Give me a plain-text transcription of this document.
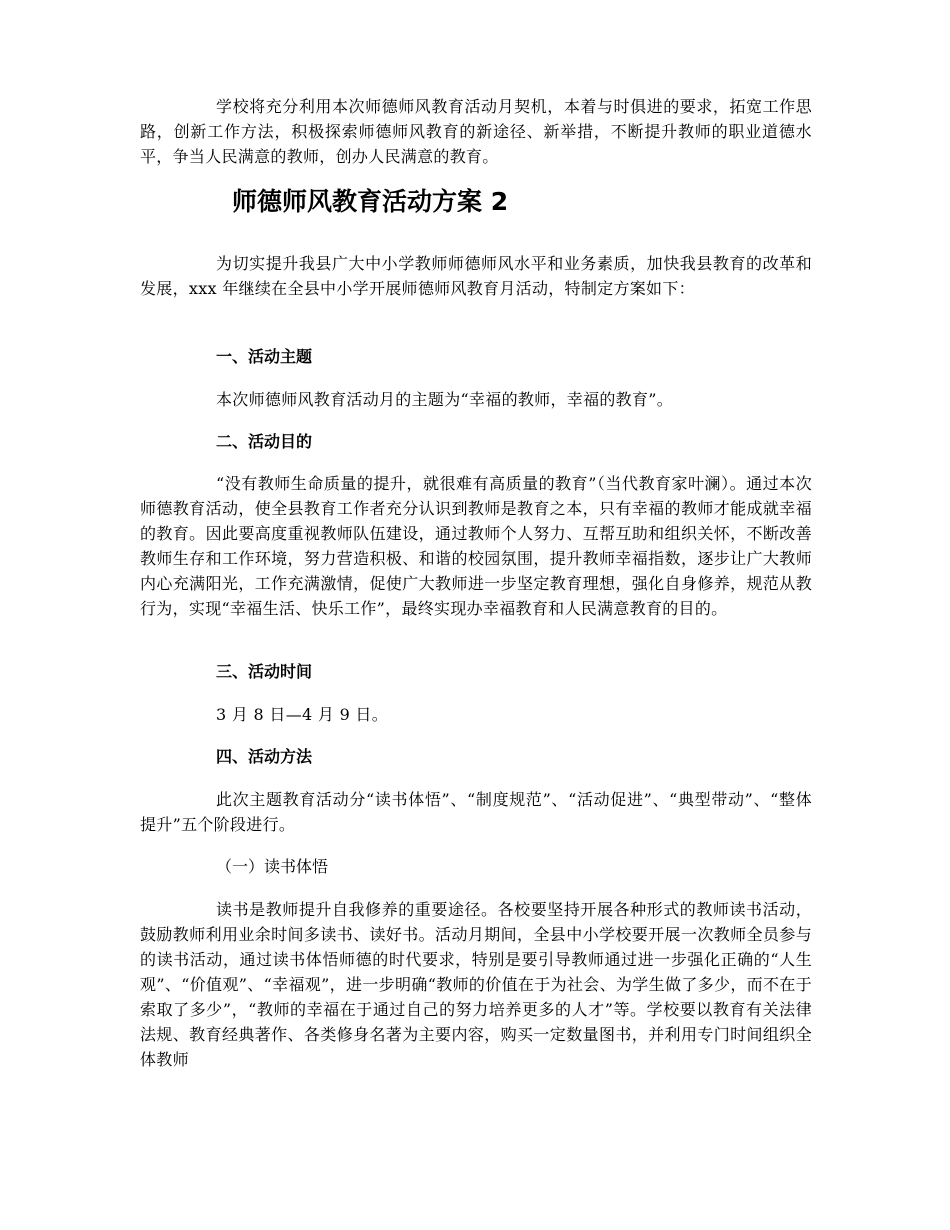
学校将充分利用本次师德师风教育活动月契机，本着与时俱进的要求，拓宽工作思路，创新工作方法，积极探索师德师风教育的新途径、新举措，不断提升教师的职业道德水平，争当人民满意的教师，创办人民满意的教育。

师德师风教育活动方案 2

为切实提升我县广大中小学教师师德师风水平和业务素质，加快我县教育的改革和发展，xxx 年继续在全县中小学开展师德师风教育月活动，特制定方案如下：

一、活动主题

本次师德师风教育活动月的主题为“幸福的教师，幸福的教育”。

二、活动目的

“没有教师生命质量的提升，就很难有高质量的教育”（当代教育家叶澜）。通过本次师德教育活动，使全县教育工作者充分认识到教师是教育之本，只有幸福的教师才能成就幸福的教育。因此要高度重视教师队伍建设，通过教师个人努力、互帮互助和组织关怀，不断改善教师生存和工作环境，努力营造积极、和谐的校园氛围，提升教师幸福指数，逐步让广大教师内心充满阳光，工作充满激情，促使广大教师进一步坚定教育理想，强化自身修养，规范从教行为，实现“幸福生活、快乐工作”，最终实现办幸福教育和人民满意教育的目的。

三、活动时间

3 月 8 日—4 月 9 日。

四、活动方法

此次主题教育活动分“读书体悟”、“制度规范”、“活动促进”、“典型带动”、“整体提升”五个阶段进行。

（一）读书体悟

读书是教师提升自我修养的重要途径。各校要坚持开展各种形式的教师读书活动，鼓励教师利用业余时间多读书、读好书。活动月期间，全县中小学校要开展一次教师全员参与的读书活动，通过读书体悟师德的时代要求，特别是要引导教师通过进一步强化正确的“人生观”、“价值观”、“幸福观”，进一步明确“教师的价值在于为社会、为学生做了多少，而不在于索取了多少”，“教师的幸福在于通过自己的努力培养更多的人才”等。学校要以教育有关法律法规、教育经典著作、各类修身名著为主要内容，购买一定数量图书，并利用专门时间组织全体教师
